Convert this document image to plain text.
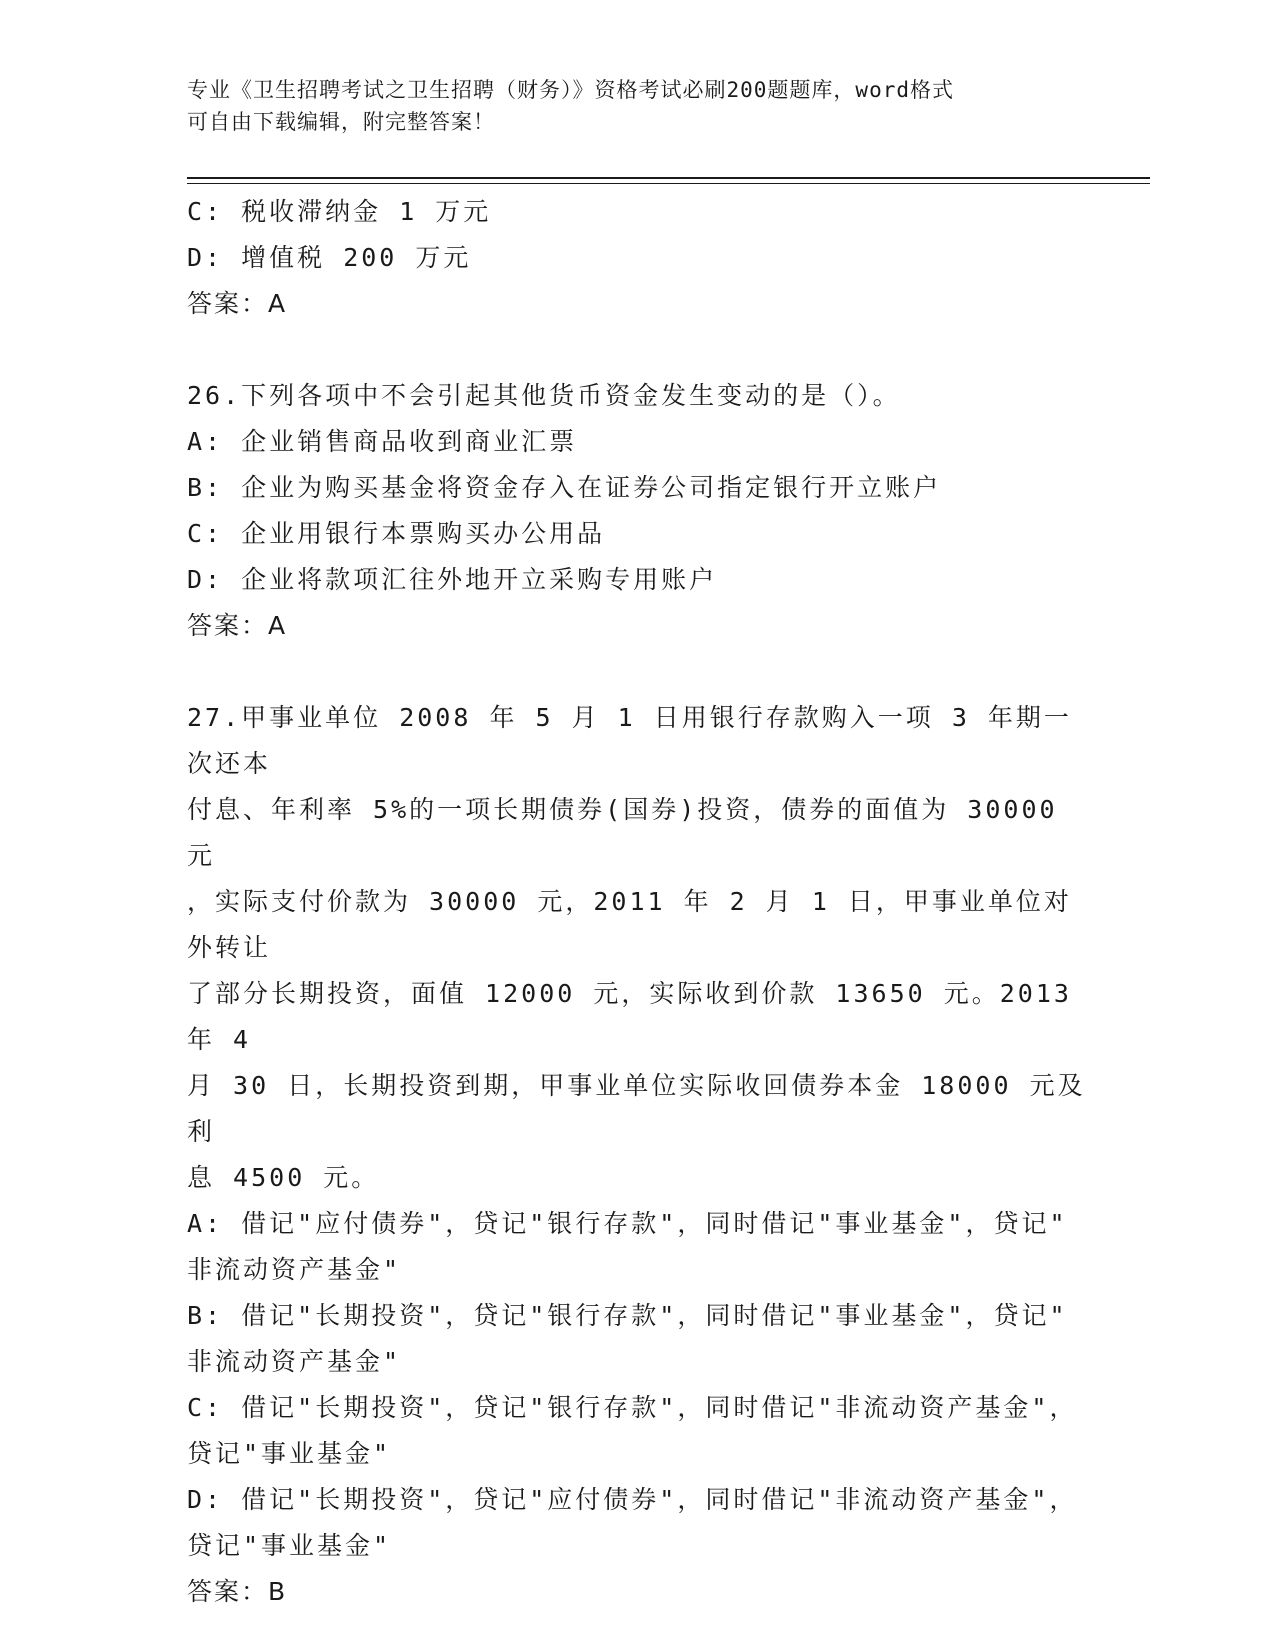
专业《卫生招聘考试之卫生招聘（财务）》资格考试必刷200题题库，word格式
可自由下载编辑，附完整答案！
C: 税收滞纳金 1 万元
D: 增值税 200 万元
答案：A
26.下列各项中不会引起其他货币资金发生变动的是（）。
A: 企业销售商品收到商业汇票
B: 企业为购买基金将资金存入在证券公司指定银行开立账户
C: 企业用银行本票购买办公用品
D: 企业将款项汇往外地开立采购专用账户
答案：A
27.甲事业单位 2008 年 5 月 1 日用银行存款购入一项 3 年期一次还本
付息、年利率 5%的一项长期债券(国券)投资，债券的面值为 30000 元
，实际支付价款为 30000 元，2011 年 2 月 1 日，甲事业单位对外转让
了部分长期投资，面值 12000 元，实际收到价款 13650 元。2013 年 4
月 30 日，长期投资到期，甲事业单位实际收回债券本金 18000 元及利
息 4500 元。
A: 借记"应付债券"，贷记"银行存款"，同时借记"事业基金"，贷记"
非流动资产基金"
B: 借记"长期投资"，贷记"银行存款"，同时借记"事业基金"，贷记"
非流动资产基金"
C: 借记"长期投资"，贷记"银行存款"，同时借记"非流动资产基金"，
贷记"事业基金"
D: 借记"长期投资"，贷记"应付债券"，同时借记"非流动资产基金"，
贷记"事业基金"
答案：B
